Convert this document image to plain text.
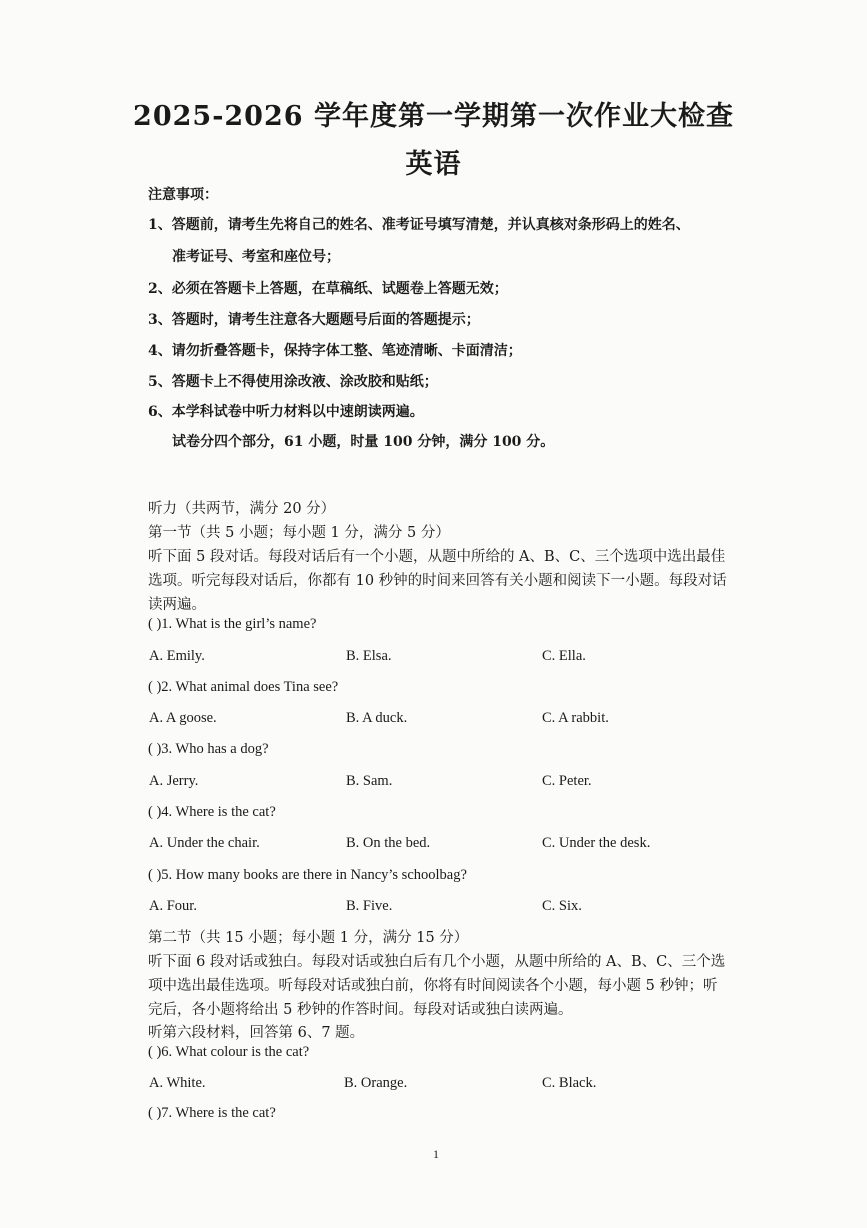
2025-2026 学年度第一学期第一次作业大检查
英语
注意事项：
1、答题前，请考生先将自己的姓名、准考证号填写清楚，并认真核对条形码上的姓名、
准考证号、考室和座位号；
2、必须在答题卡上答题，在草稿纸、试题卷上答题无效；
3、答题时，请考生注意各大题题号后面的答题提示；
4、请勿折叠答题卡，保持字体工整、笔迹清晰、卡面清洁；
5、答题卡上不得使用涂改液、涂改胶和贴纸；
6、本学科试卷中听力材料以中速朗读两遍。
试卷分四个部分，61 小题，时量 100 分钟，满分 100 分。
听力（共两节，满分 20 分）
第一节（共 5 小题；每小题 1 分，满分 5 分）
听下面 5 段对话。每段对话后有一个小题，从题中所给的 A、B、C、三个选项中选出最佳
选项。听完每段对话后，你都有 10 秒钟的时间来回答有关小题和阅读下一小题。每段对话
读两遍。
( )1. What is the girl’s name?
A. Emily.	B. Elsa.	C. Ella.
( )2. What animal does Tina see?
A. A goose.	B. A duck.	C. A rabbit.
( )3. Who has a dog?
A. Jerry.	B. Sam.	C. Peter.
( )4. Where is the cat?
A. Under the chair.	B. On the bed.	C. Under the desk.
( )5. How many books are there in Nancy’s schoolbag?
A. Four.	B. Five.	C. Six.
第二节（共 15 小题；每小题 1 分，满分 15 分）
听下面 6 段对话或独白。每段对话或独白后有几个小题，从题中所给的 A、B、C、三个选
项中选出最佳选项。听每段对话或独白前，你将有时间阅读各个小题，每小题 5 秒钟；听
完后，各小题将给出 5 秒钟的作答时间。每段对话或独白读两遍。
听第六段材料，回答第 6、7 题。
( )6. What colour is the cat?
A. White.	B. Orange.	C. Black.
( )7. Where is the cat?
1
